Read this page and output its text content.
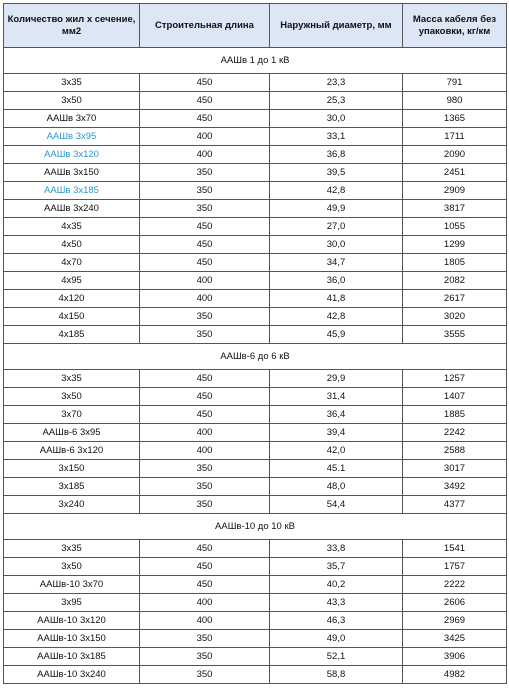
Количество жил х сечение, мм2	Строительная длина	Наружный диаметр, мм	Масса кабеля без упаковки, кг/км
ААШв 1 до 1 кВ			
3х35	450	23,3	791
3х50	450	25,3	980
ААШв 3х70	450	30,0	1365
ААШв 3х95	400	33,1	1711
ААШв 3х120	400	36,8	2090
ААШв 3х150	350	39,5	2451
ААШв 3х185	350	42,8	2909
ААШв 3х240	350	49,9	3817
4х35	450	27,0	1055
4х50	450	30,0	1299
4х70	450	34,7	1805
4х95	400	36,0	2082
4х120	400	41,8	2617
4х150	350	42,8	3020
4х185	350	45,9	3555
ААШв-6 до 6 кВ			
3х35	450	29,9	1257
3х50	450	31,4	1407
3х70	450	36,4	1885
ААШв-6 3х95	400	39,4	2242
ААШв-6 3х120	400	42,0	2588
3х150	350	45.1	3017
3х185	350	48,0	3492
3х240	350	54,4	4377
ААШв-10 до 10 кВ			
3х35	450	33,8	1541
3х50	450	35,7	1757
ААШв-10 3х70	450	40,2	2222
3х95	400	43,3	2606
ААШв-10 3х120	400	46,3	2969
ААШв-10 3х150	350	49,0	3425
ААШв-10 3х185	350	52,1	3906
ААШв-10 3х240	350	58,8	4982
